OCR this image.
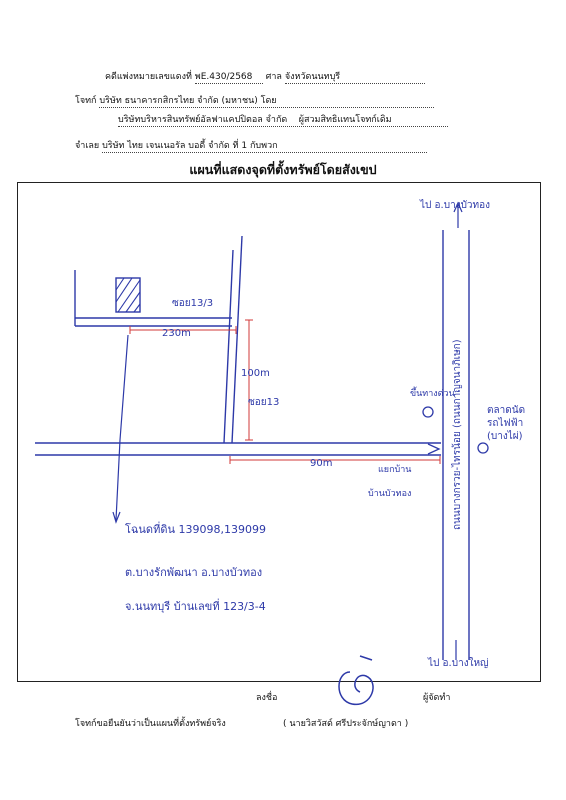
คดีแพ่งหมายเลขแดงที่ พE.430/2568 ศาล จังหวัดนนทบุรี
โจทก์ บริษัท ธนาคารกสิกรไทย จำกัด (มหาชน) โดย
บริษัทบริหารสินทรัพย์อัลฟาแคปปิตอล จำกัด ผู้สวมสิทธิแทนโจทก์เดิม
จำเลย บริษัท ไทย เจนเนอรัล บอดี้ จำกัด ที่ 1 กับพวก
แผนที่แสดงจุดที่ตั้งทรัพย์โดยสังเขป
ไป อ.บางบัวทอง
ไป อ.บางใหญ่
ถนนบางกรวย-ไทรน้อย (ถนนกาญจนาภิเษก)
ซอย13/3
ซอย13
230m
100m
90m
ขึ้นทางด่วน
ตลาดนัดรถไฟฟ้า (บางไผ่)
แยกบ้าน
บ้านบัวทอง
โฉนดที่ดิน 139098,139099
ต.บางรักพัฒนา อ.บางบัวทอง
จ.นนทบุรี บ้านเลขที่ 123/3-4
ลงชื่อ	ผู้จัดทำ
โจทก์ขอยืนยันว่าเป็นแผนที่ตั้งทรัพย์จริง	( นายวิสวัสด์ ศรีประจักษ์ญาดา )
